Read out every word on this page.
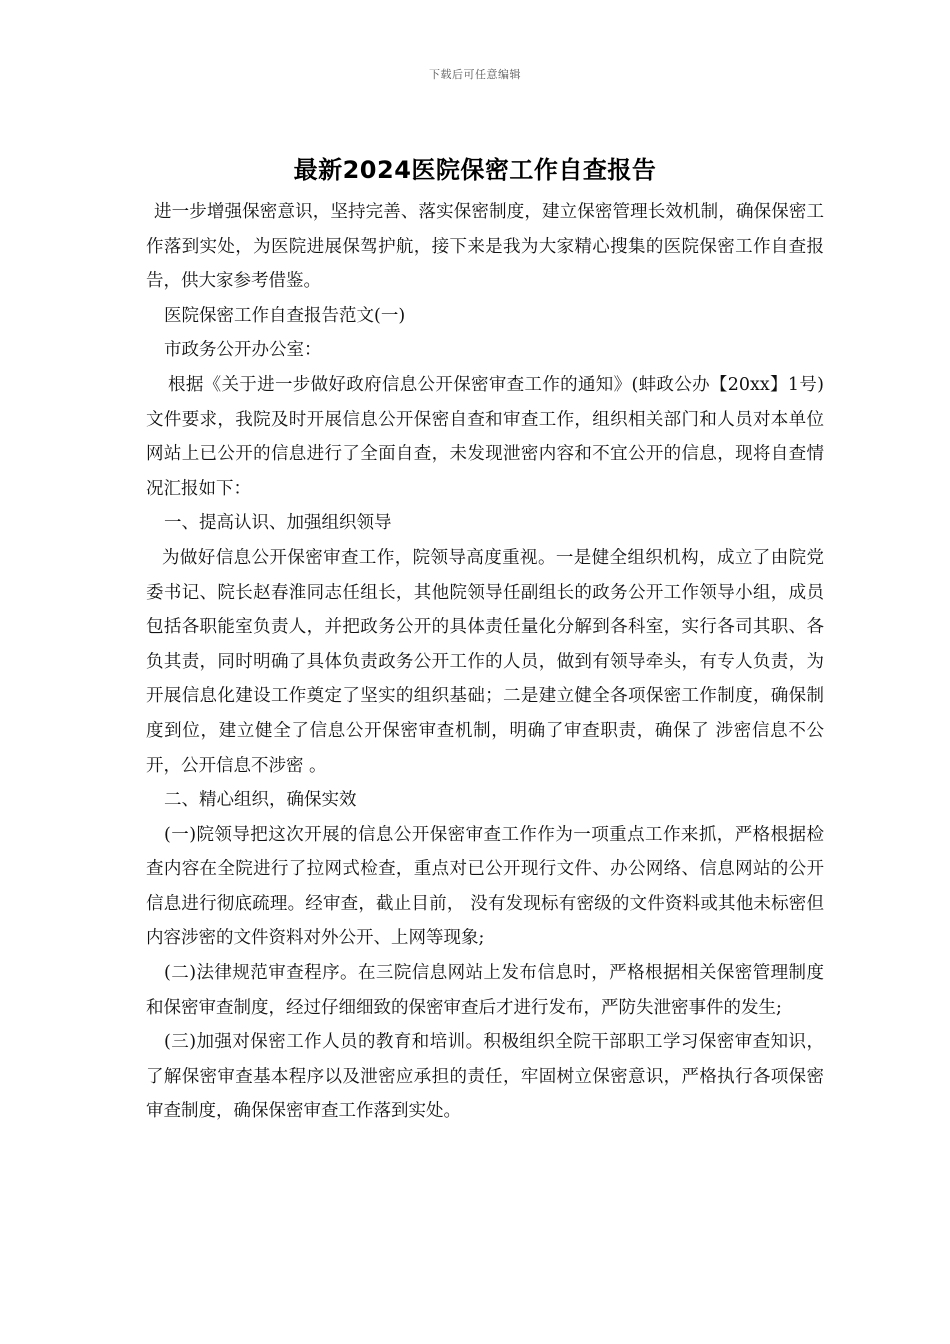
下载后可任意编辑
最新2024医院保密工作自查报告

进一步增强保密意识，坚持完善、落实保密制度，建立保密管理长效机制，确保保密工作落到实处，为医院进展保驾护航，接下来是我为大家精心搜集的医院保密工作自查报告，供大家参考借鉴。

医院保密工作自查报告范文(一)

市政务公开办公室：

根据《关于进一步做好政府信息公开保密审查工作的通知》(蚌政公办【20xx】1号)文件要求，我院及时开展信息公开保密自查和审查工作，组织相关部门和人员对本单位网站上已公开的信息进行了全面自查，未发现泄密内容和不宜公开的信息，现将自查情况汇报如下：

一、提高认识、加强组织领导

为做好信息公开保密审查工作，院领导高度重视。一是健全组织机构，成立了由院党委书记、院长赵春淮同志任组长，其他院领导任副组长的政务公开工作领导小组，成员包括各职能室负责人，并把政务公开的具体责任量化分解到各科室，实行各司其职、各负其责，同时明确了具体负责政务公开工作的人员，做到有领导牵头，有专人负责，为开展信息化建设工作奠定了坚实的组织基础；二是建立健全各项保密工作制度，确保制度到位，建立健全了信息公开保密审查机制，明确了审查职责，确保了 涉密信息不公开，公开信息不涉密 。

二、精心组织，确保实效

(一)院领导把这次开展的信息公开保密审查工作作为一项重点工作来抓，严格根据检查内容在全院进行了拉网式检查，重点对已公开现行文件、办公网络、信息网站的公开信息进行彻底疏理。经审查，截止目前， 没有发现标有密级的文件资料或其他未标密但内容涉密的文件资料对外公开、上网等现象;

(二)法律规范审查程序。在三院信息网站上发布信息时，严格根据相关保密管理制度和保密审查制度，经过仔细细致的保密审查后才进行发布，严防失泄密事件的发生;

(三)加强对保密工作人员的教育和培训。积极组织全院干部职工学习保密审查知识，了解保密审查基本程序以及泄密应承担的责任，牢固树立保密意识，严格执行各项保密审查制度，确保保密审查工作落到实处。
